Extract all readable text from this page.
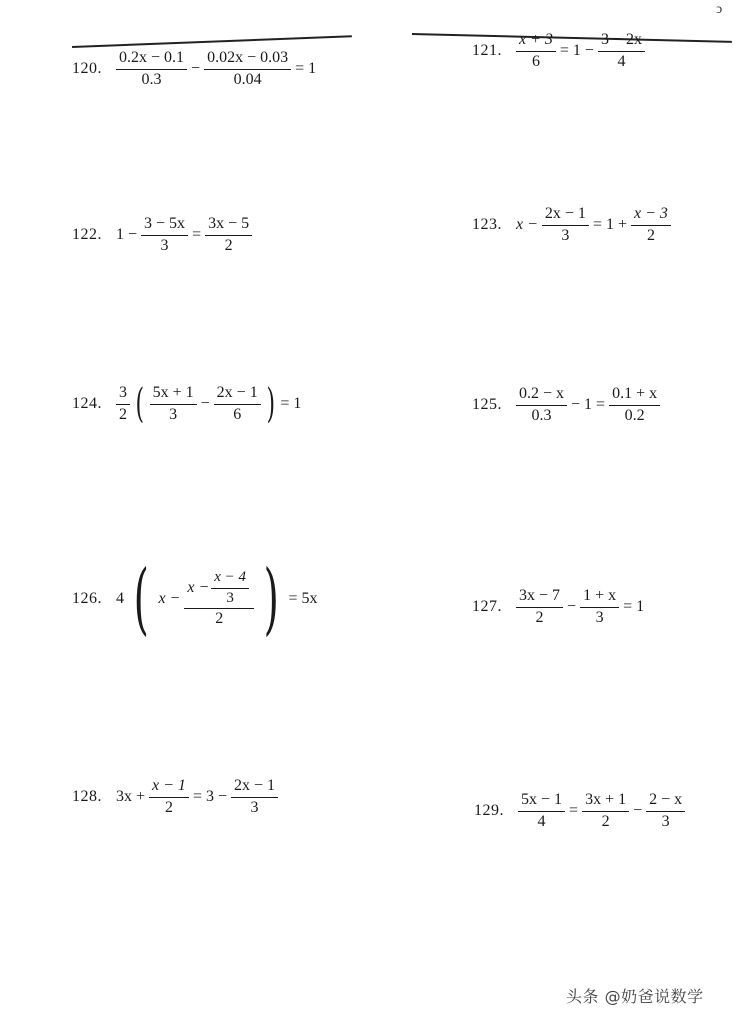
ͻ
120. $\frac{0.2x - 0.1}{0.3} - \frac{0.02x - 0.03}{0.04} = 1$
121. $\frac{x + 3}{6} = 1 - \frac{3 - 2x}{4}$
122. $1 - \frac{3 - 5x}{3} = \frac{3x - 5}{2}$	123. $x - \frac{2x - 1}{3} = 1 + \frac{x - 3}{2}$
124. $\frac{3}{2}$ ( $\frac{5x + 1}{3} - \frac{2x - 1}{6}$ ) = 1	125. $\frac{0.2 - x}{0.3} - 1 = \frac{0.1 + x}{0.2}$
126. 4 ( $x - \frac{x - \frac{x - 4}{3}}{2}$ ) = 5x	127. $\frac{3x - 7}{2} - \frac{1 + x}{3} = 1$
128. $3x + \frac{x - 1}{2} = 3 - \frac{2x - 1}{3}$	129. $\frac{5x - 1}{4} = \frac{3x + 1}{2} - \frac{2 - x}{3}$
头条 @奶爸说数学
